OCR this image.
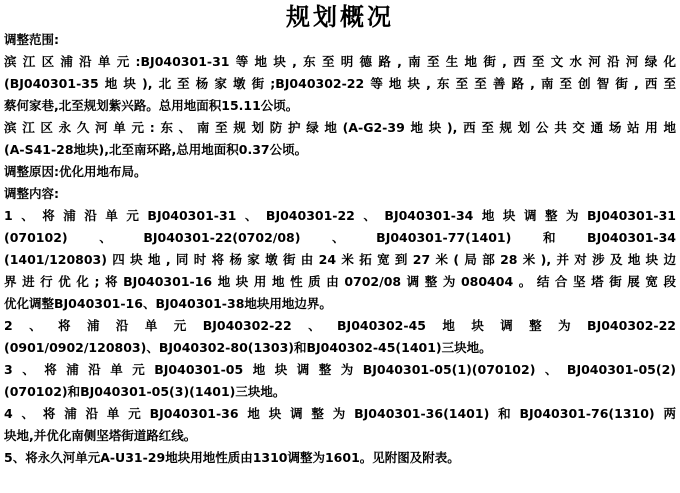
规划概况
调整范围:
滨江区浦沿单元:BJ040301-31等地块,东至明德路,南至生地街,西至文水河沿河绿化
(BJ040301-35地块),北至杨家墩街;BJ040302-22等地块,东至至善路,南至创智街,西至
蔡何家巷,北至规划紫兴路。总用地面积15.11公顷。
滨江区永久河单元:东、南至规划防护绿地(A-G2-39地块),西至规划公共交通场站用地
(A-S41-28地块),北至南环路,总用地面积0.37公顷。
调整原因:优化用地布局。
调整内容:
1、将浦沿单元BJ040301-31、BJ040301-22、BJ040301-34地块调整为BJ040301-31
(070102)、BJ040301-22(0702/08)、BJ040301-77(1401)和BJ040301-34
(1401/120803)四块地,同时将杨家墩街由24米拓宽到27米(局部28米),并对涉及地块边
界进行优化;将BJ040301-16地块用地性质由0702/08调整为080404。结合坚塔街展宽段
优化调整BJ040301-16、BJ040301-38地块用地边界。
2、将浦沿单元BJ040302-22、BJ040302-45地块调整为BJ040302-22
(0901/0902/120803)、BJ040302-80(1303)和BJ040302-45(1401)三块地。
3、将浦沿单元BJ040301-05地块调整为BJ040301-05(1)(070102)、BJ040301-05(2)
(070102)和BJ040301-05(3)(1401)三块地。
4、将浦沿单元BJ040301-36地块调整为BJ040301-36(1401)和BJ040301-76(1310)两
块地,并优化南侧坚塔街道路红线。
5、将永久河单元A-U31-29地块用地性质由1310调整为1601。见附图及附表。
